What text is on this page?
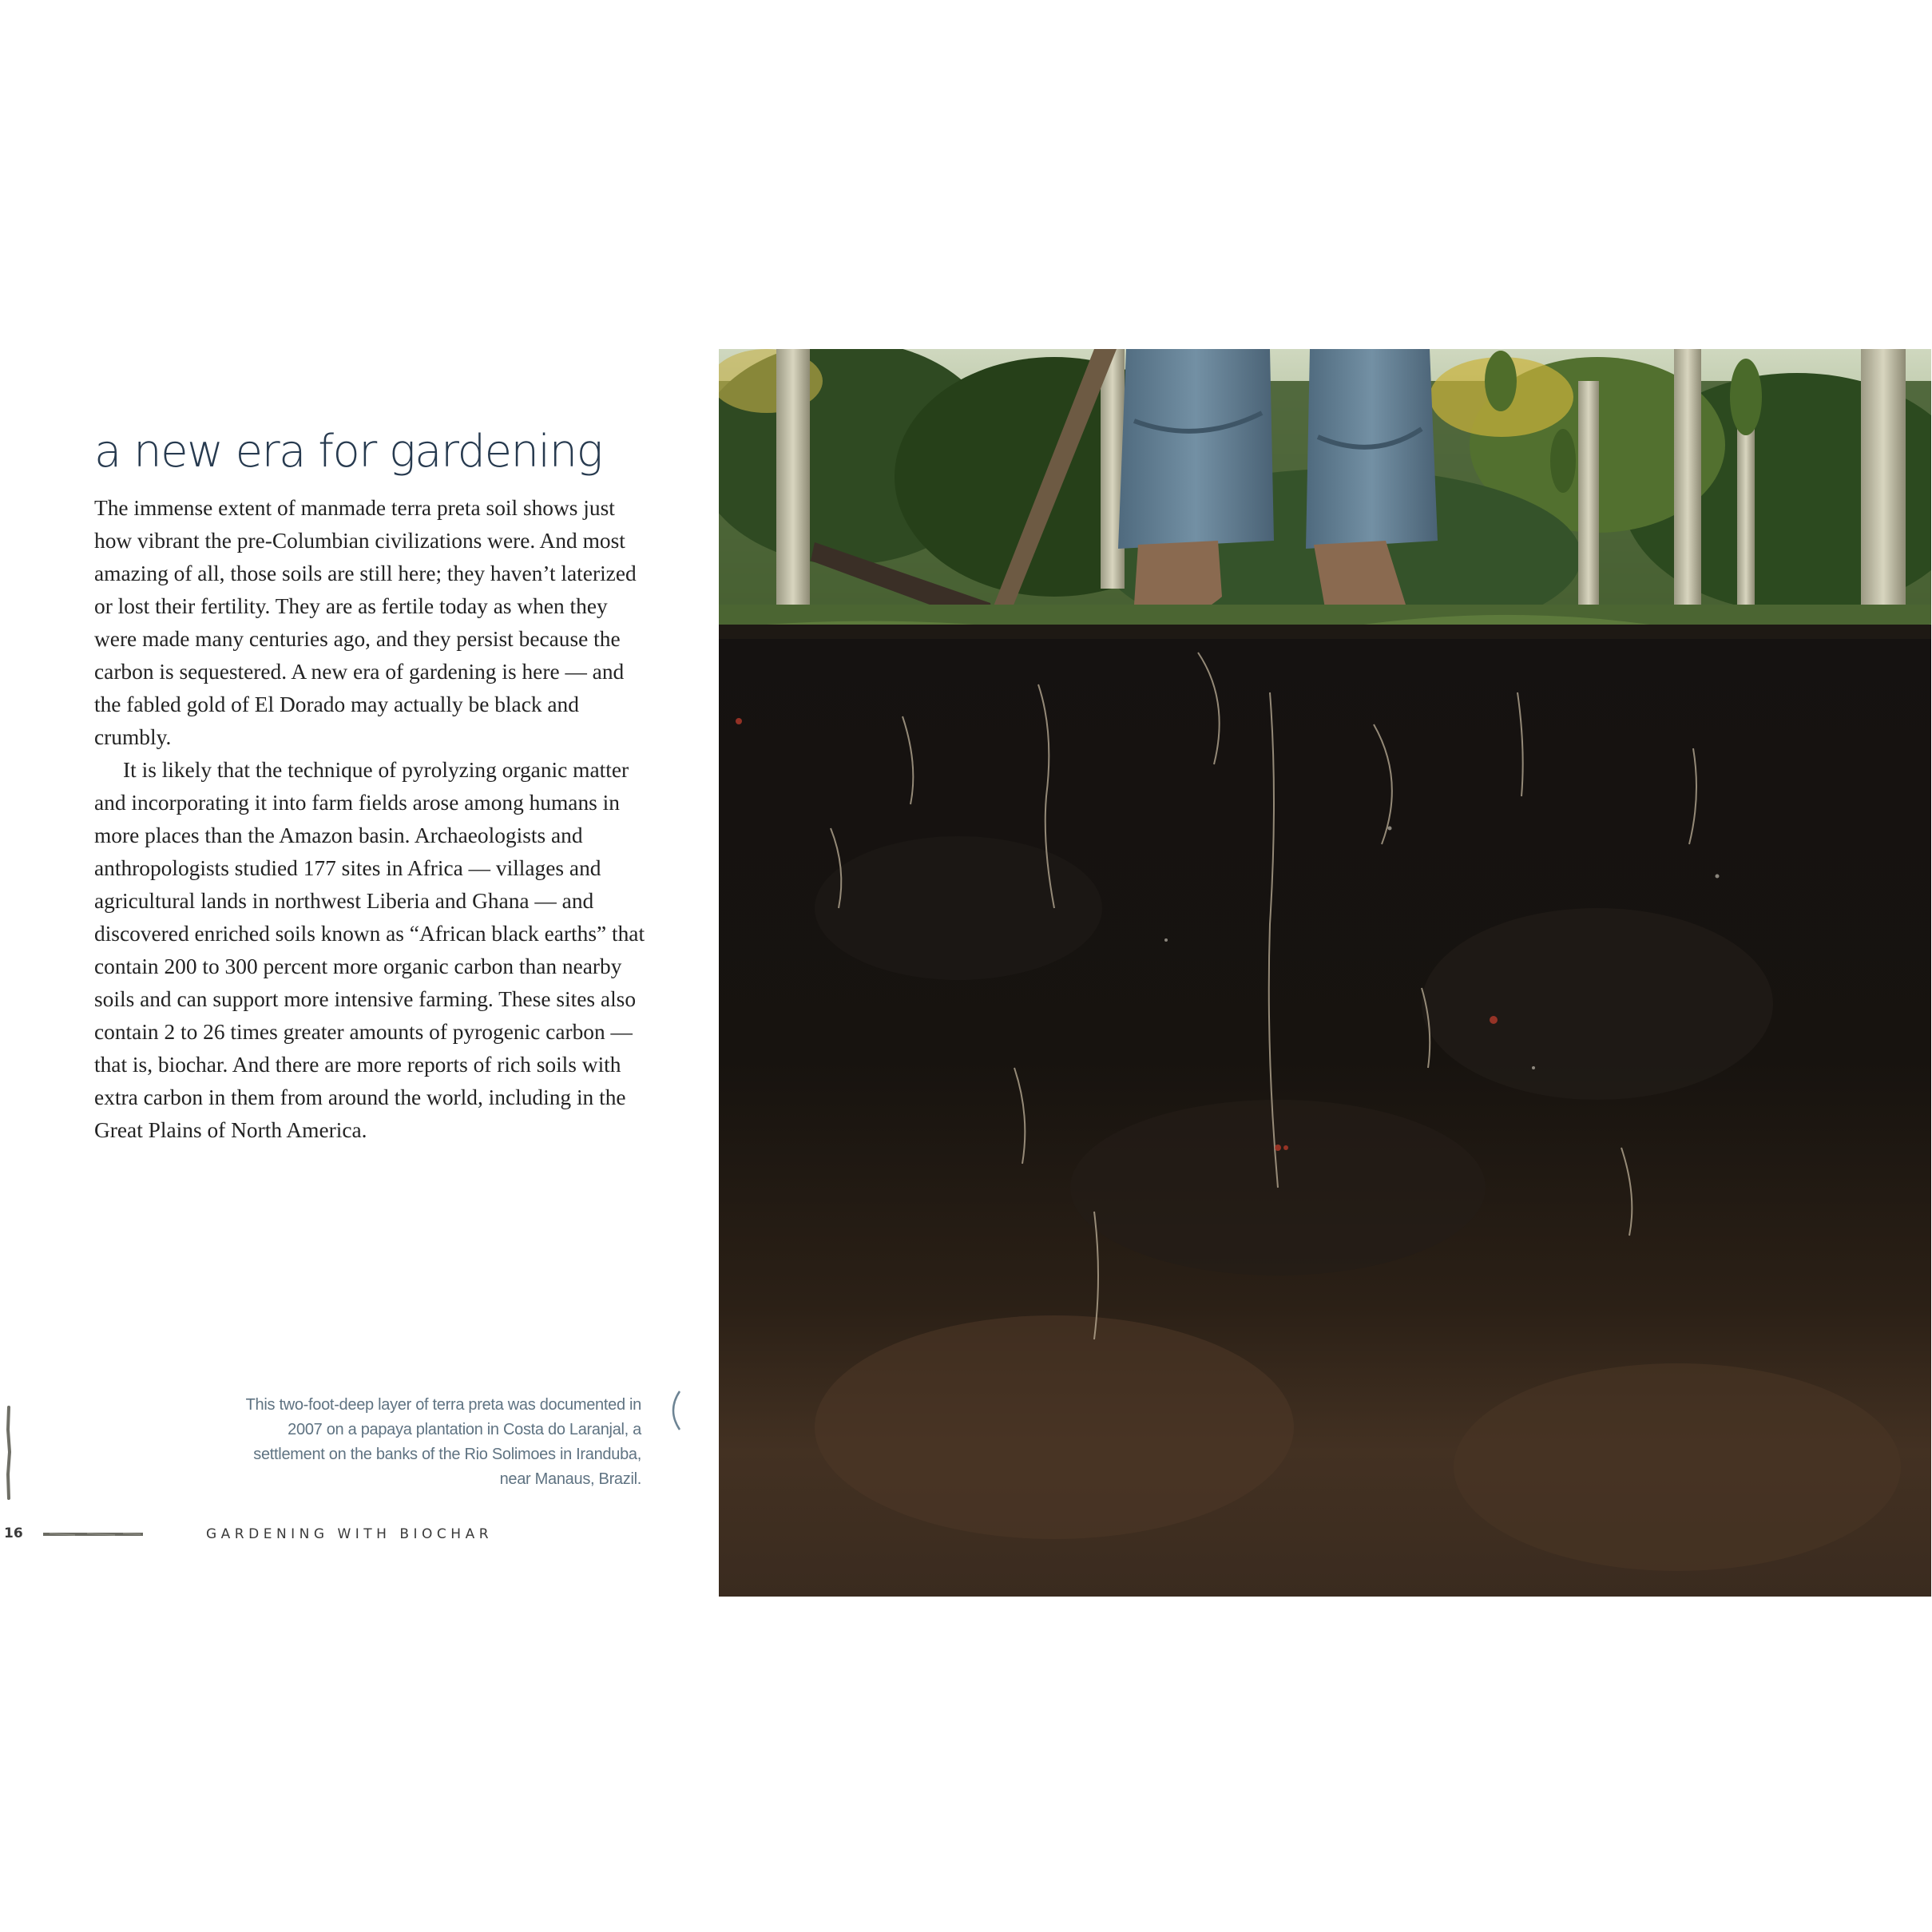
a new era for gardening

The immense extent of manmade terra preta soil shows just how vibrant the pre-Columbian civilizations were. And most amazing of all, those soils are still here; they haven’t laterized or lost their fertility. They are as fertile today as when they were made many centuries ago, and they persist because the carbon is sequestered. A new era of gardening is here — and the fabled gold of El Dorado may actually be black and crumbly.

It is likely that the technique of pyrolyzing organic matter and incorporating it into farm fields arose among humans in more places than the Amazon basin. Archaeologists and anthropologists studied 177 sites in Africa — villages and agricultural lands in northwest Liberia and Ghana — and discovered enriched soils known as “African black earths” that contain 200 to 300 percent more organic carbon than nearby soils and can support more intensive farming. These sites also contain 2 to 26 times greater amounts of pyrogenic carbon — that is, biochar. And there are more reports of rich soils with extra carbon in them from around the world, including in the Great Plains of North America.

This two-foot-deep layer of terra preta was documented in 2007 on a papaya plantation in Costa do Laranjal, a settlement on the banks of the Rio Solimoes in Iranduba, near Manaus, Brazil.
16	GARDENING WITH BIOCHAR
